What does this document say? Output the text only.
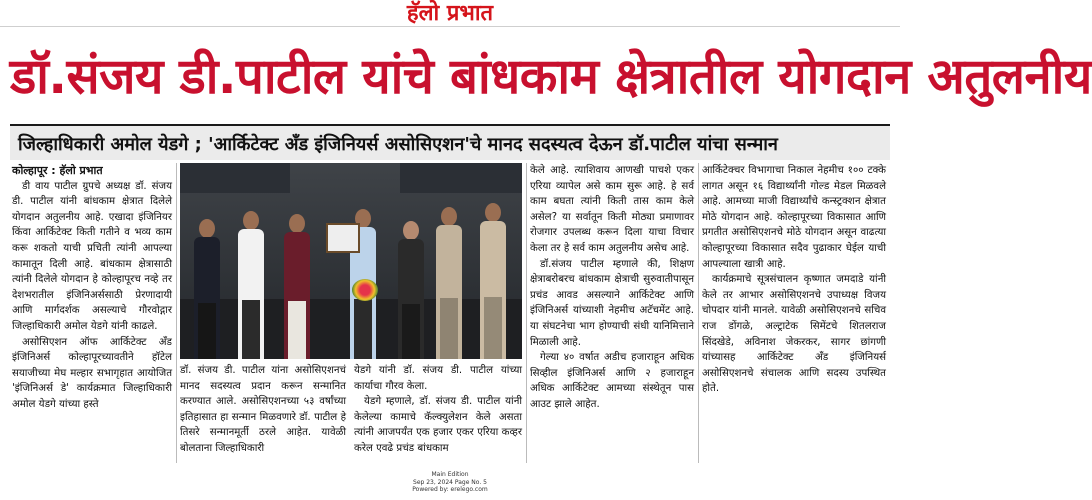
हॅलो प्रभात
डॉ.संजय डी.पाटील यांचे बांधकाम क्षेत्रातील योगदान अतुलनीय
जिल्हाधिकारी अमोल येडगे ; 'आर्किटेक्ट अँड इंजिनियर्स असोसिएशन'चे मानद सदस्यत्व देऊन डॉ.पाटील यांचा सन्मान

कोल्हापूर : हॅलो प्रभात

डी वाय पाटील ग्रुपचे अध्यक्ष डॉ. संजय डी. पाटील यांनी बांधकाम क्षेत्रात दिलेले योगदान अतुलनीय आहे. एखादा इंजिनियर किंवा आर्किटेक्ट किती गतीने व भव्य काम करू शकतो याची प्रचिती त्यांनी आपल्या कामातून दिली आहे. बांधकाम क्षेत्रासाठी त्यांनी दिलेले योगदान हे कोल्हापूरच नव्हे तर देशभरातील इंजिनिअर्ससाठी प्रेरणादायी आणि मार्गदर्शक असल्याचे गौरवोद्गार जिल्हाधिकारी अमोल येडगे यांनी काढले.

असोसिएशन ऑफ आर्किटेक्ट अँड इंजिनिअर्स कोल्हापूरच्यावतीने हॉटेल सयाजीच्या मेघ मल्हार सभागृहात आयोजित 'इंजिनिअर्स डे' कार्यक्रमात जिल्हाधिकारी अमोल येडगे यांच्या हस्ते

डॉ. संजय डी. पाटील यांना असोसिएशनचं मानद सदस्यत्व प्रदान करून सन्मानित करण्यात आले. असोसिएशनच्या ५३ वर्षांच्या इतिहासात हा सन्मान मिळवणारे डॉ. पाटील हे तिसरे सन्मानमूर्ती ठरले आहेत. यावेळी बोलताना जिल्हाधिकारी

येडगे यांनी डॉ. संजय डी. पाटील यांच्या कार्याचा गौरव केला.

येडगे म्हणाले, डॉ. संजय डी. पाटील यांनी केलेल्या कामाचे कॅल्क्युलेशन केले असता त्यांनी आजपर्यंत एक हजार एकर एरिया कव्हर करेल एवढे प्रचंड बांधकाम

केले आहे. त्याशिवाय आणखी पाचशे एकर एरिया व्यापेल असे काम सुरू आहे. हे सर्व काम बघता त्यांनी किती तास काम केले असेल? या सर्वातून किती मोठ्या प्रमाणावर रोजगार उपलब्ध करून दिला याचा विचार केला तर हे सर्व काम अतुलनीय असेच आहे.

डॉ.संजय पाटील म्हणाले की, शिक्षण क्षेत्राबरोबरच बांधकाम क्षेत्राची सुरुवातीपासून प्रचंड आवड असल्याने आर्किटेक्ट आणि इंजिनिअर्स यांच्याशी नेहमीच अटॅचमेंट आहे. या संघटनेचा भाग होण्याची संधी यानिमित्ताने मिळाली आहे.

गेल्या ४० वर्षात अडीच हजाराहून अधिक सिव्हील इंजिनिअर्स आणि २ हजाराहून अधिक आर्किटेक्ट आमच्या संस्थेतून पास आउट झाले आहेत.

आर्किटेक्चर विभागाचा निकाल नेहमीच १०० टक्के लागत असून १६ विद्यार्थ्यांनी गोल्ड मेडल मिळवले आहे. आमच्या माजी विद्यार्थ्यांचे कन्स्ट्रक्शन क्षेत्रात मोठे योगदान आहे. कोल्हापूरच्या विकासात आणि प्रगतीत असोसिएशनचे मोठे योगदान असून वाढत्या कोल्हापूरच्या विकासात सदैव पुढाकार घेईल याची आपल्याला खात्री आहे.

कार्यक्रमाचे सूत्रसंचालन कृष्णात जमदाडे यांनी केले तर आभार असोसिएशनचे उपाध्यक्ष विजय चोपदार यांनी मानले. यावेळी असोसिएशनचे सचिव राज डोंगळे, अल्ट्राटेक सिमेंटचे शितलराज सिंदखेडे, अविनाश जेकरकर, सागर छांगणी यांच्यासह आर्किटेक्ट अँड इंजिनियर्स असोसिएशनचे संचालक आणि सदस्य उपस्थित होते.

Main Edition
Sep 23, 2024 Page No. 5
Powered by: erelego.com
